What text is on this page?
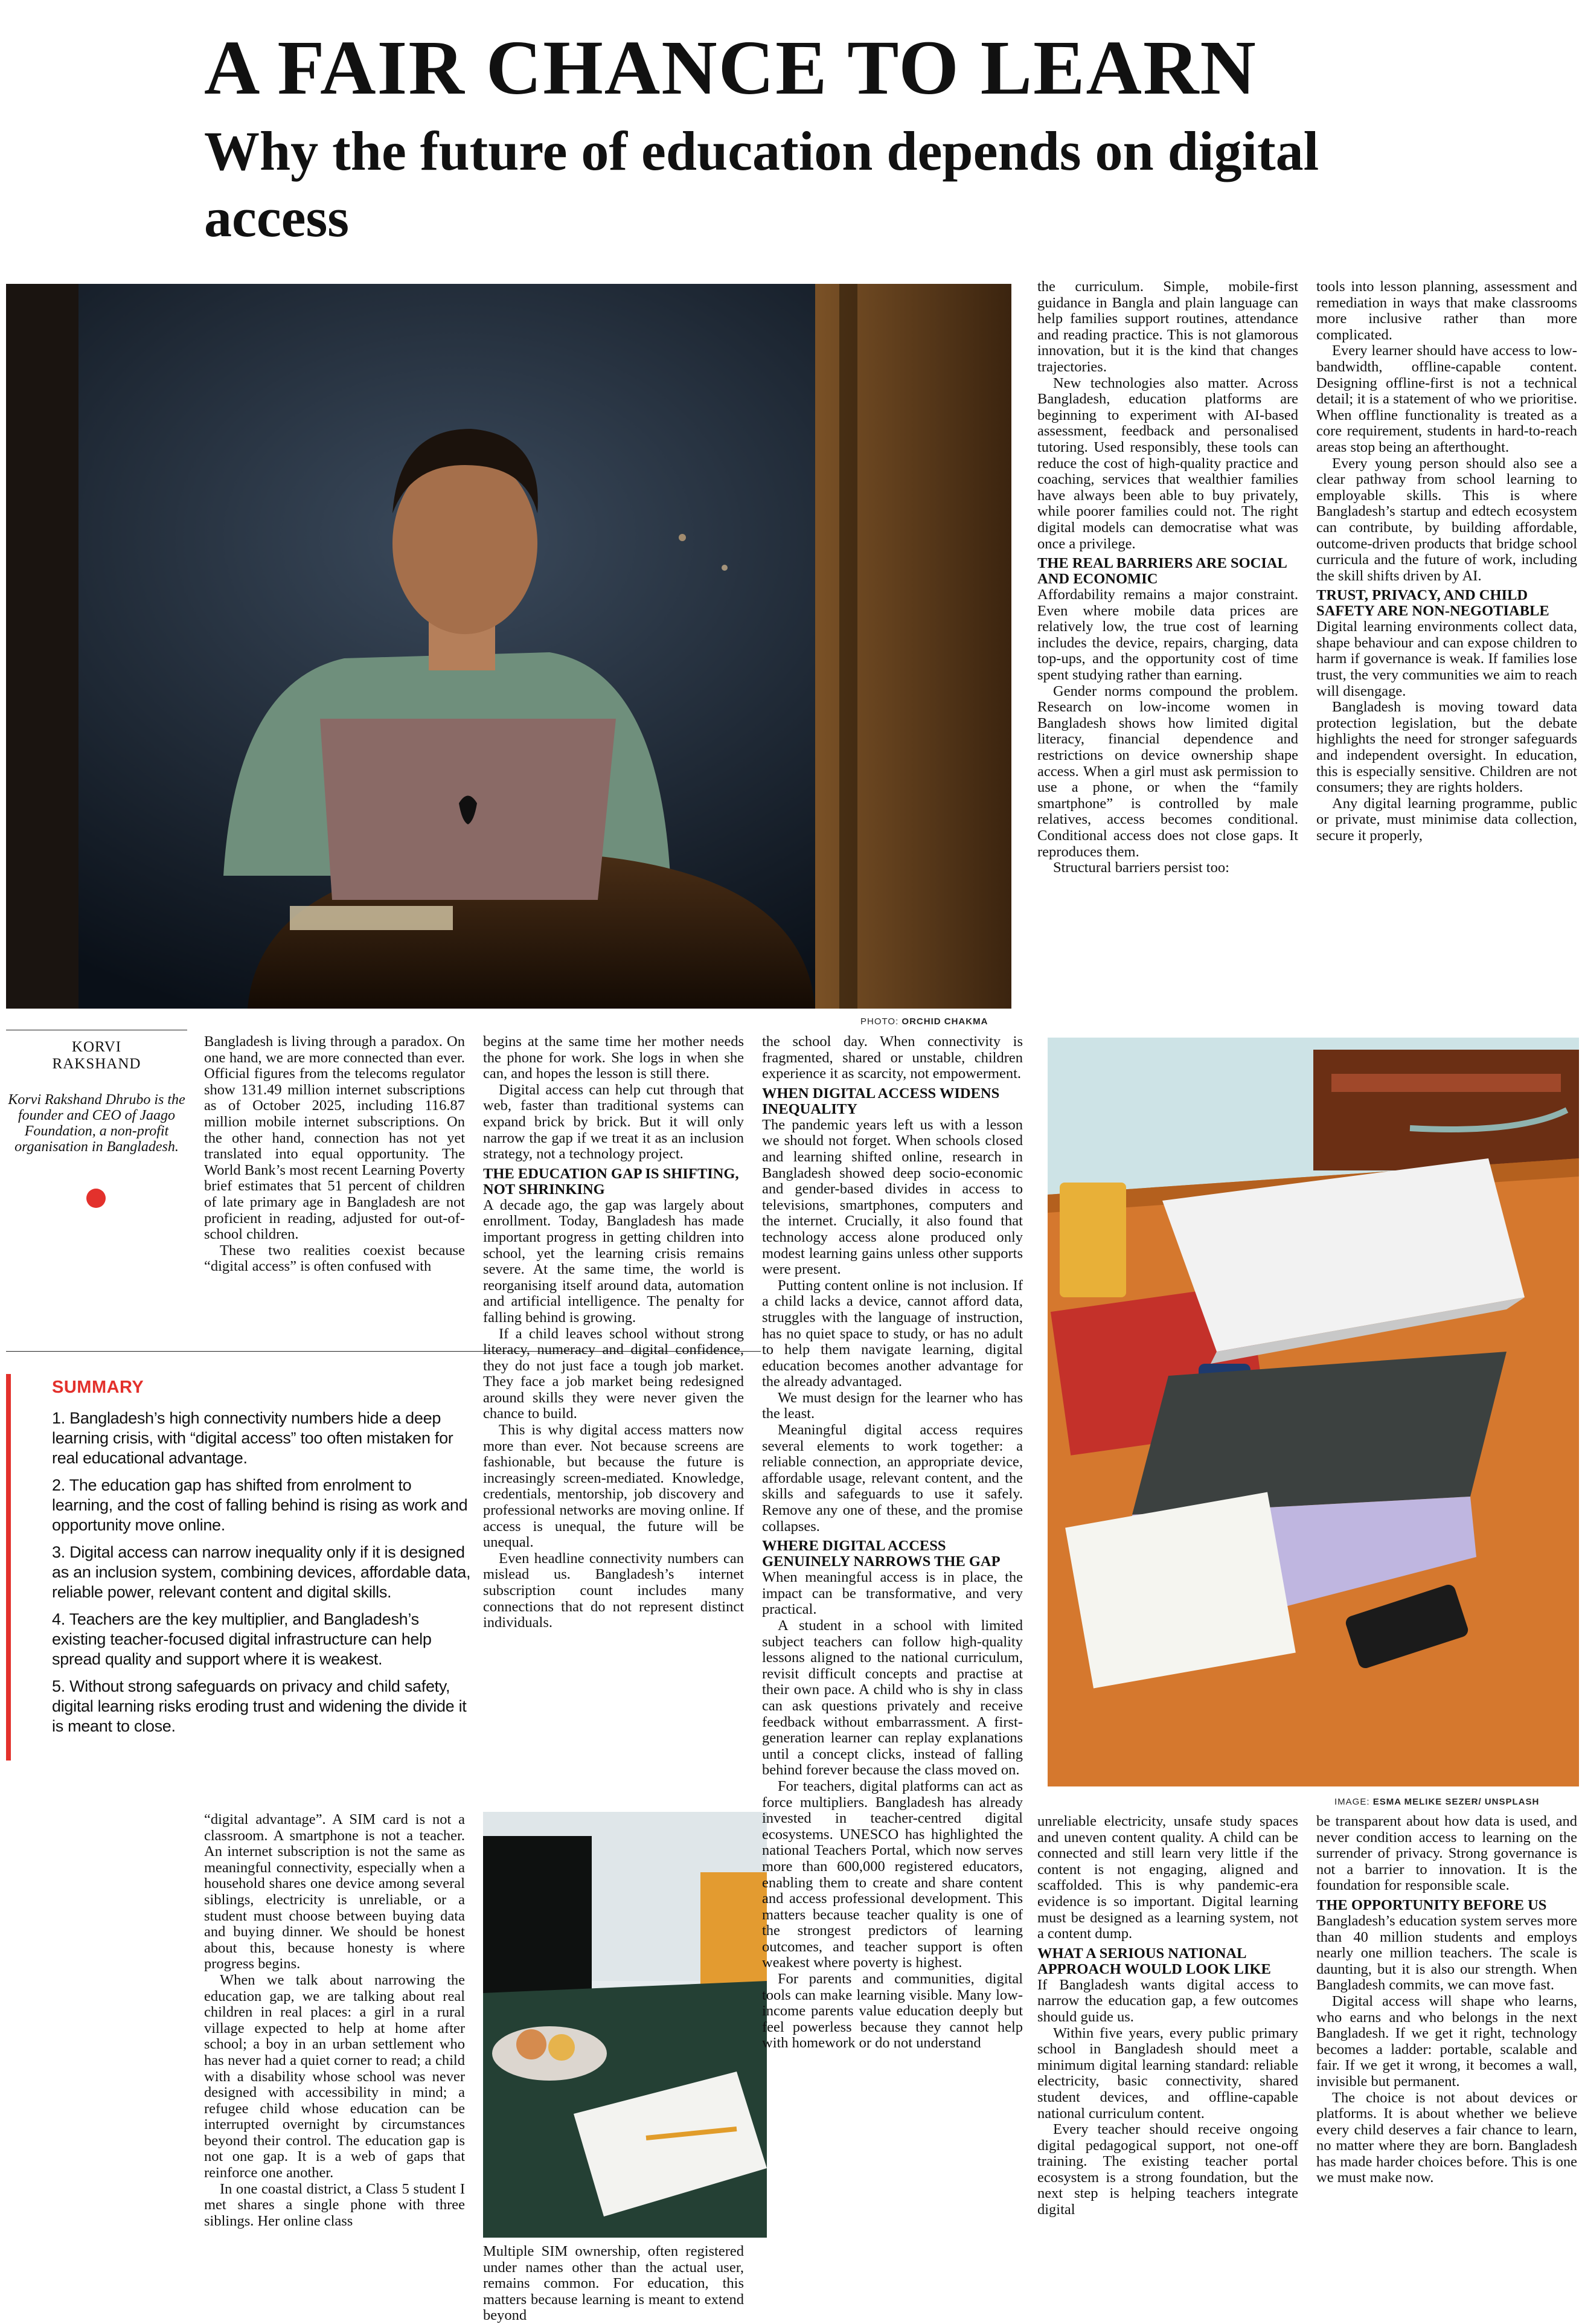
A FAIR CHANCE TO LEARN
Why the future of education depends on digital access
PHOTO: ORCHID CHAKMA
IMAGE: ESMA MELIKE SEZER/ UNSPLASH
KORVI
RAKSHAND
Korvi Rakshand Dhrubo is the founder and CEO of Jaago Foundation, a non-profit organisation in Bangladesh.
SUMMARY
1. Bangladesh’s high connectivity numbers hide a deep learning crisis, with “digital access” too often mistaken for real educational advantage.
2. The education gap has shifted from enrolment to learning, and the cost of falling behind is rising as work and opportunity move online.
3. Digital access can narrow inequality only if it is designed as an inclusion system, combining devices, affordable data, reliable power, relevant content and digital skills.
4. Teachers are the key multiplier, and Bangladesh’s existing teacher-focused digital infrastructure can help spread quality and support where it is weakest.
5. Without strong safeguards on privacy and child safety, digital learning risks eroding trust and widening the divide it is meant to close.

Bangladesh is living through a paradox. On one hand, we are more connected than ever. Official figures from the telecoms regulator show 131.49 million internet subscriptions as of October 2025, including 116.87 million mobile internet subscriptions. On the other hand, connection has not yet translated into equal opportunity. The World Bank’s most recent Learning Poverty brief estimates that 51 percent of children of late primary age in Bangladesh are not proficient in reading, adjusted for out-of-school children.

These two realities coexist because “digital access” is often confused with

begins at the same time her mother needs the phone for work. She logs in when she can, and hopes the lesson is still there.

Digital access can help cut through that web, faster than traditional systems can expand brick by brick. But it will only narrow the gap if we treat it as an inclusion strategy, not a technology project.

THE EDUCATION GAP IS SHIFTING, NOT SHRINKING

A decade ago, the gap was largely about enrollment. Today, Bangladesh has made important progress in getting children into school, yet the learning crisis remains severe. At the same time, the world is reorganising itself around data, automation and artificial intelligence. The penalty for falling behind is growing.

If a child leaves school without strong literacy, numeracy and digital confidence, they do not just face a tough job market. They face a job market being redesigned around skills they were never given the chance to build.

This is why digital access matters now more than ever. Not because screens are fashionable, but because the future is increasingly screen-mediated. Knowledge, credentials, mentorship, job discovery and professional networks are moving online. If access is unequal, the future will be unequal.

Even headline connectivity numbers can mislead us. Bangladesh’s internet subscription count includes many connections that do not represent distinct individuals.

the school day. When connectivity is fragmented, shared or unstable, children experience it as scarcity, not empowerment.

WHEN DIGITAL ACCESS WIDENS INEQUALITY

The pandemic years left us with a lesson we should not forget. When schools closed and learning shifted online, research in Bangladesh showed deep socio-economic and gender-based divides in access to televisions, smartphones, computers and the internet. Crucially, it also found that technology access alone produced only modest learning gains unless other supports were present.

Putting content online is not inclusion. If a child lacks a device, cannot afford data, struggles with the language of instruction, has no quiet space to study, or has no adult to help them navigate learning, digital education becomes another advantage for the already advantaged.

We must design for the learner who has the least.

Meaningful digital access requires several elements to work together: a reliable connection, an appropriate device, affordable usage, relevant content, and the skills and safeguards to use it safely. Remove any one of these, and the promise collapses.

WHERE DIGITAL ACCESS GENUINELY NARROWS THE GAP

When meaningful access is in place, the impact can be transformative, and very practical.

A student in a school with limited subject teachers can follow high-quality lessons aligned to the national curriculum, revisit difficult concepts and practise at their own pace. A child who is shy in class can ask questions privately and receive feedback without embarrassment. A first-generation learner can replay explanations until a concept clicks, instead of falling behind forever because the class moved on.

For teachers, digital platforms can act as force multipliers. Bangladesh has already invested in teacher-centred digital ecosystems. UNESCO has highlighted the national Teachers Portal, which now serves more than 600,000 registered educators, enabling them to create and share content and access professional development. This matters because teacher quality is one of the strongest predictors of learning outcomes, and teacher support is often weakest where poverty is highest.

For parents and communities, digital tools can make learning visible. Many low-income parents value education deeply but feel powerless because they cannot help with homework or do not understand

the curriculum. Simple, mobile-first guidance in Bangla and plain language can help families support routines, attendance and reading practice. This is not glamorous innovation, but it is the kind that changes trajectories.

New technologies also matter. Across Bangladesh, education platforms are beginning to experiment with AI-based assessment, feedback and personalised tutoring. Used responsibly, these tools can reduce the cost of high-quality practice and coaching, services that wealthier families have always been able to buy privately, while poorer families could not. The right digital models can democratise what was once a privilege.

THE REAL BARRIERS ARE SOCIAL AND ECONOMIC

Affordability remains a major constraint. Even where mobile data prices are relatively low, the true cost of learning includes the device, repairs, charging, data top-ups, and the opportunity cost of time spent studying rather than earning.

Gender norms compound the problem. Research on low-income women in Bangladesh shows how limited digital literacy, financial dependence and restrictions on device ownership shape access. When a girl must ask permission to use a phone, or when the “family smartphone” is controlled by male relatives, access becomes conditional. Conditional access does not close gaps. It reproduces them.

Structural barriers persist too:

tools into lesson planning, assessment and remediation in ways that make classrooms more inclusive rather than more complicated.

Every learner should have access to low-bandwidth, offline-capable content. Designing offline-first is not a technical detail; it is a statement of who we prioritise. When offline functionality is treated as a core requirement, students in hard-to-reach areas stop being an afterthought.

Every young person should also see a clear pathway from school learning to employable skills. This is where Bangladesh’s startup and edtech ecosystem can contribute, by building affordable, outcome-driven products that bridge school curricula and the future of work, including the skill shifts driven by AI.

TRUST, PRIVACY, AND CHILD SAFETY ARE NON-NEGOTIABLE

Digital learning environments collect data, shape behaviour and can expose children to harm if governance is weak. If families lose trust, the very communities we aim to reach will disengage.

Bangladesh is moving toward data protection legislation, but the debate highlights the need for stronger safeguards and independent oversight. In education, this is especially sensitive. Children are not consumers; they are rights holders.

Any digital learning programme, public or private, must minimise data collection, secure it properly,

“digital advantage”. A SIM card is not a classroom. A smartphone is not a teacher. An internet subscription is not the same as meaningful connectivity, especially when a household shares one device among several siblings, electricity is unreliable, or a student must choose between buying data and buying dinner. We should be honest about this, because honesty is where progress begins.

When we talk about narrowing the education gap, we are talking about real children in real places: a girl in a rural village expected to help at home after school; a boy in an urban settlement who has never had a quiet corner to read; a child with a disability whose school was never designed with accessibility in mind; a refugee child whose education can be interrupted overnight by circumstances beyond their control. The education gap is not one gap. It is a web of gaps that reinforce one another.

In one coastal district, a Class 5 student I met shares a single phone with three siblings. Her online class

Multiple SIM ownership, often registered under names other than the actual user, remains common. For education, this matters because learning is meant to extend beyond

unreliable electricity, unsafe study spaces and uneven content quality. A child can be connected and still learn very little if the content is not engaging, aligned and scaffolded. This is why pandemic-era evidence is so important. Digital learning must be designed as a learning system, not a content dump.

WHAT A SERIOUS NATIONAL APPROACH WOULD LOOK LIKE

If Bangladesh wants digital access to narrow the education gap, a few outcomes should guide us.

Within five years, every public primary school in Bangladesh should meet a minimum digital learning standard: reliable electricity, basic connectivity, shared student devices, and offline-capable national curriculum content.

Every teacher should receive ongoing digital pedagogical support, not one-off training. The existing teacher portal ecosystem is a strong foundation, but the next step is helping teachers integrate digital

be transparent about how data is used, and never condition access to learning on the surrender of privacy. Strong governance is not a barrier to innovation. It is the foundation for responsible scale.

THE OPPORTUNITY BEFORE US

Bangladesh’s education system serves more than 40 million students and employs nearly one million teachers. The scale is daunting, but it is also our strength. When Bangladesh commits, we can move fast.

Digital access will shape who learns, who earns and who belongs in the next Bangladesh. If we get it right, technology becomes a ladder: portable, scalable and fair. If we get it wrong, it becomes a wall, invisible but permanent.

The choice is not about devices or platforms. It is about whether we believe every child deserves a fair chance to learn, no matter where they are born. Bangladesh has made harder choices before. This is one we must make now.
